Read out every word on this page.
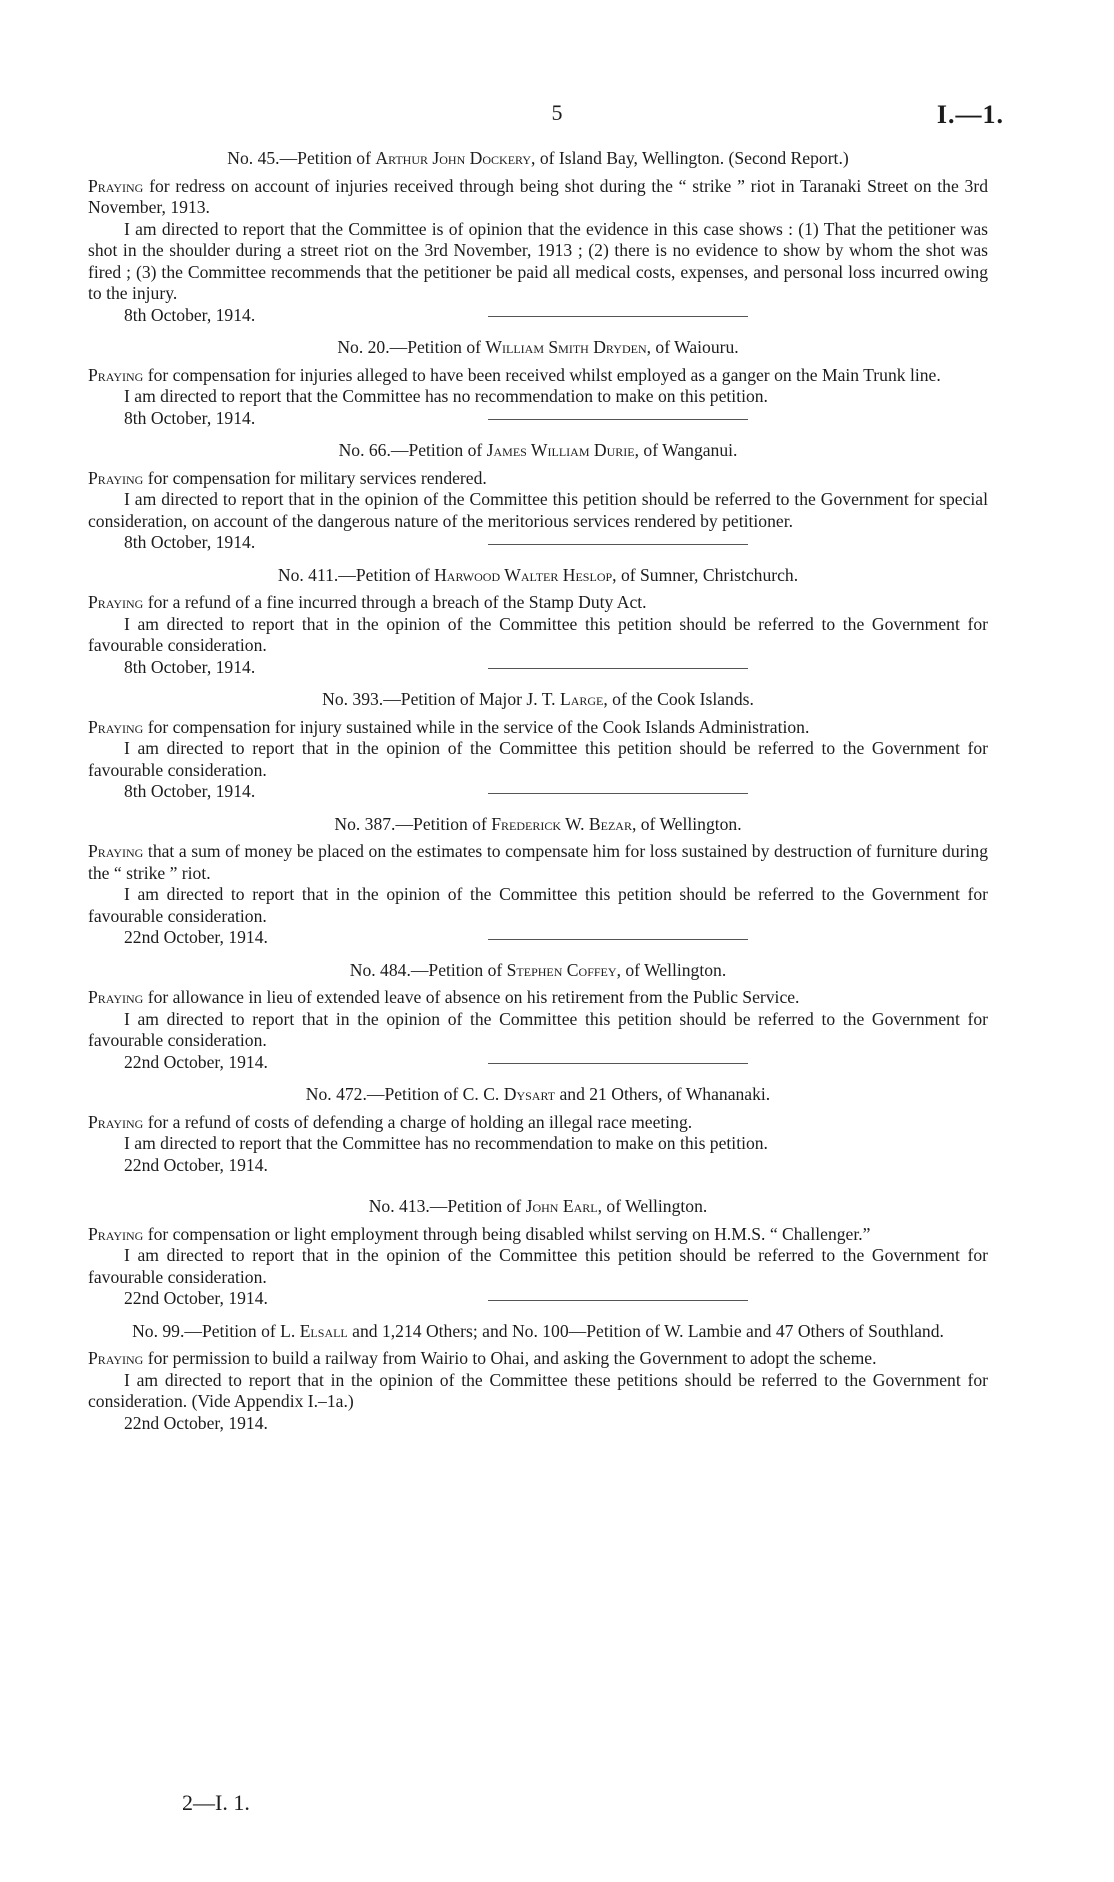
5	I.—1.
No. 45.—Petition of Arthur John Dockery, of Island Bay, Wellington. (Second Report.)

Praying for redress on account of injuries received through being shot during the “ strike ” riot in Taranaki Street on the 3rd November, 1913.

I am directed to report that the Committee is of opinion that the evidence in this case shows : (1) That the petitioner was shot in the shoulder during a street riot on the 3rd November, 1913 ; (2) there is no evidence to show by whom the shot was fired ; (3) the Committee recommends that the petitioner be paid all medical costs, expenses, and personal loss incurred owing to the injury.

8th October, 1914.
No. 20.—Petition of William Smith Dryden, of Waiouru.

Praying for compensation for injuries alleged to have been received whilst employed as a ganger on the Main Trunk line.

I am directed to report that the Committee has no recommendation to make on this petition.

8th October, 1914.
No. 66.—Petition of James William Durie, of Wanganui.

Praying for compensation for military services rendered.

I am directed to report that in the opinion of the Committee this petition should be referred to the Government for special consideration, on account of the dangerous nature of the meritorious services rendered by petitioner.

8th October, 1914.
No. 411.—Petition of Harwood Walter Heslop, of Sumner, Christchurch.

Praying for a refund of a fine incurred through a breach of the Stamp Duty Act.

I am directed to report that in the opinion of the Committee this petition should be referred to the Government for favourable consideration.

8th October, 1914.
No. 393.—Petition of Major J. T. Large, of the Cook Islands.

Praying for compensation for injury sustained while in the service of the Cook Islands Administration.

I am directed to report that in the opinion of the Committee this petition should be referred to the Government for favourable consideration.

8th October, 1914.
No. 387.—Petition of Frederick W. Bezar, of Wellington.

Praying that a sum of money be placed on the estimates to compensate him for loss sustained by destruction of furniture during the “ strike ” riot.

I am directed to report that in the opinion of the Committee this petition should be referred to the Government for favourable consideration.

22nd October, 1914.
No. 484.—Petition of Stephen Coffey, of Wellington.

Praying for allowance in lieu of extended leave of absence on his retirement from the Public Service.

I am directed to report that in the opinion of the Committee this petition should be referred to the Government for favourable consideration.

22nd October, 1914.
No. 472.—Petition of C. C. Dysart and 21 Others, of Whananaki.

Praying for a refund of costs of defending a charge of holding an illegal race meeting.

I am directed to report that the Committee has no recommendation to make on this petition.

22nd October, 1914.
No. 413.—Petition of John Earl, of Wellington.

Praying for compensation or light employment through being disabled whilst serving on H.M.S. “ Challenger.”

I am directed to report that in the opinion of the Committee this petition should be referred to the Government for favourable consideration.

22nd October, 1914.
No. 99.—Petition of L. Elsall and 1,214 Others; and No. 100—Petition of W. Lambie and 47 Others of Southland.

Praying for permission to build a railway from Wairio to Ohai, and asking the Government to adopt the scheme.

I am directed to report that in the opinion of the Committee these petitions should be referred to the Government for consideration. (Vide Appendix I.–1a.)

22nd October, 1914.
2—I. 1.
